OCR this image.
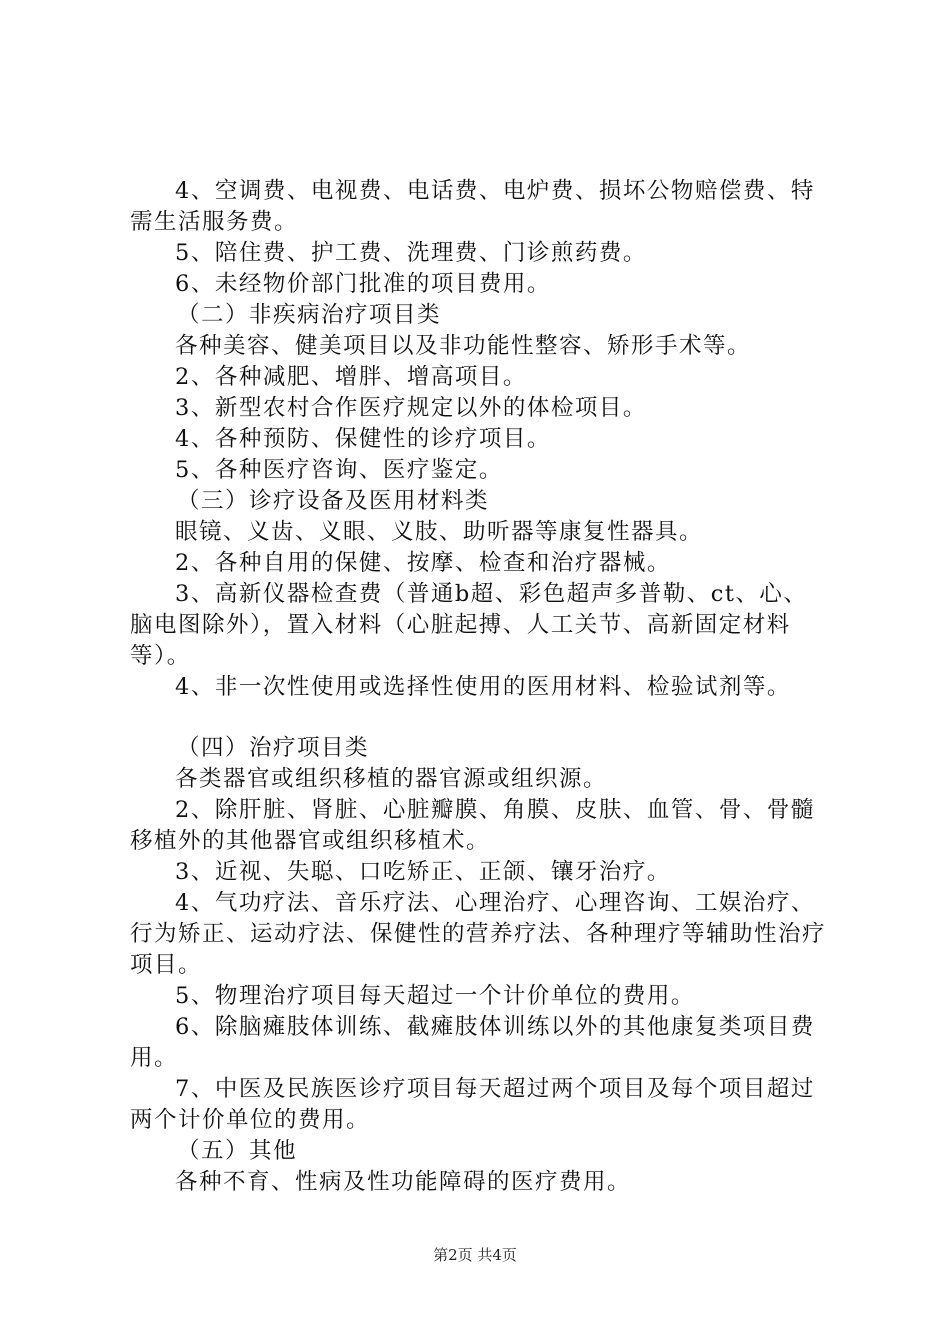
4、空调费、电视费、电话费、电炉费、损坏公物赔偿费、特需生活服务费。

5、陪住费、护工费、洗理费、门诊煎药费。

6、未经物价部门批准的项目费用。

（二）非疾病治疗项目类

各种美容、健美项目以及非功能性整容、矫形手术等。

2、各种减肥、增胖、增高项目。

3、新型农村合作医疗规定以外的体检项目。

4、各种预防、保健性的诊疗项目。

5、各种医疗咨询、医疗鉴定。

（三）诊疗设备及医用材料类

眼镜、义齿、义眼、义肢、助听器等康复性器具。

2、各种自用的保健、按摩、检查和治疗器械。

3、高新仪器检查费（普通b超、彩色超声多普勒、ct、心、脑电图除外），置入材料（心脏起搏、人工关节、高新固定材料等）。

4、非一次性使用或选择性使用的医用材料、检验试剂等。

（四）治疗项目类

各类器官或组织移植的器官源或组织源。

2、除肝脏、肾脏、心脏瓣膜、角膜、皮肤、血管、骨、骨髓移植外的其他器官或组织移植术。

3、近视、失聪、口吃矫正、正颌、镶牙治疗。

4、气功疗法、音乐疗法、心理治疗、心理咨询、工娱治疗、行为矫正、运动疗法、保健性的营养疗法、各种理疗等辅助性治疗项目。

5、物理治疗项目每天超过一个计价单位的费用。

6、除脑瘫肢体训练、截瘫肢体训练以外的其他康复类项目费用。

7、中医及民族医诊疗项目每天超过两个项目及每个项目超过两个计价单位的费用。

（五）其他

各种不育、性病及性功能障碍的医疗费用。

第2页 共4页
